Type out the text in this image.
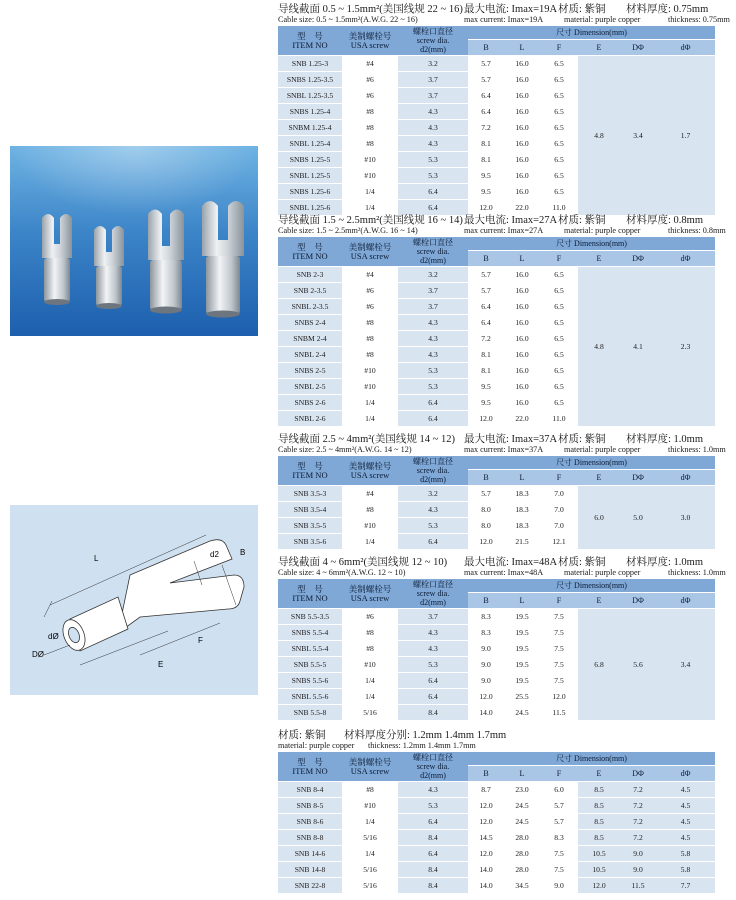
L	d2	B
dØ
DØ
F
E
导线截面 0.5 ~ 1.5mm²(美国线规 22 ~ 16)最大电流: Imax=19A材质: 紫铜 材料厚度: 0.75mm
Cable size: 0.5 ~ 1.5mm²(A.W.G. 22 ~ 16)	max current: Imax=19A	material: purple copper	thickness: 0.75mm
型　号
ITEM NO	美制螺栓号
USA screw	螺栓口直径
screw dia.
d2(mm)	尺寸 Dimension(mm)					
			B	L	F	E	DΦ	dΦ
SNB 1.25-3	#4	3.2	5.7	16.0	6.5	4.8	3.4	1.7
SNBS 1.25-3.5	#6	3.7	5.7	16.0	6.5			
SNBL 1.25-3.5	#6	3.7	6.4	16.0	6.5			
SNBS 1.25-4	#8	4.3	6.4	16.0	6.5			
SNBM 1.25-4	#8	4.3	7.2	16.0	6.5			
SNBL 1.25-4	#8	4.3	8.1	16.0	6.5			
SNBS 1.25-5	#10	5.3	8.1	16.0	6.5			
SNBL 1.25-5	#10	5.3	9.5	16.0	6.5			
SNBS 1.25-6	1/4	6.4	9.5	16.0	6.5			
SNBL 1.25-6	1/4	6.4	12.0	22.0	11.0			
导线截面 1.5 ~ 2.5mm²(美国线规 16 ~ 14)最大电流: Imax=27A材质: 紫铜 材料厚度: 0.8mm
Cable size: 1.5 ~ 2.5mm²(A.W.G. 16 ~ 14)	max current: Imax=27A	material: purple copper	thickness: 0.8mm
型　号
ITEM NO	美制螺栓号
USA screw	螺栓口直径
screw dia.
d2(mm)	尺寸 Dimension(mm)					
			B	L	F	E	DΦ	dΦ
SNB 2-3	#4	3.2	5.7	16.0	6.5	4.8	4.1	2.3
SNB 2-3.5	#6	3.7	5.7	16.0	6.5			
SNBL 2-3.5	#6	3.7	6.4	16.0	6.5			
SNBS 2-4	#8	4.3	6.4	16.0	6.5			
SNBM 2-4	#8	4.3	7.2	16.0	6.5			
SNBL 2-4	#8	4.3	8.1	16.0	6.5			
SNBS 2-5	#10	5.3	8.1	16.0	6.5			
SNBL 2-5	#10	5.3	9.5	16.0	6.5			
SNBS 2-6	1/4	6.4	9.5	16.0	6.5			
SNBL 2-6	1/4	6.4	12.0	22.0	11.0			
导线截面 2.5 ~ 4mm²(美国线规 14 ~ 12) 最大电流: Imax=37A材质: 紫铜 材料厚度: 1.0mm
Cable size: 2.5 ~ 4mm²(A.W.G. 14 ~ 12)	max current: Imax=37A	material: purple copper	thickness: 1.0mm
型　号
ITEM NO	美制螺栓号
USA screw	螺栓口直径
screw dia.
d2(mm)	尺寸 Dimension(mm)					
			B	L	F	E	DΦ	dΦ
SNB 3.5-3	#4	3.2	5.7	18.3	7.0	6.0	5.0	3.0
SNB 3.5-4	#8	4.3	8.0	18.3	7.0			
SNB 3.5-5	#10	5.3	8.0	18.3	7.0			
SNB 3.5-6	1/4	6.4	12.0	21.5	12.1			
导线截面 4 ~ 6mm²(美国线规 12 ~ 10) 最大电流: Imax=48A材质: 紫铜 材料厚度: 1.0mm
Cable size: 4 ~ 6mm²(A.W.G. 12 ~ 10)	max current: Imax=48A	material: purple copper	thickness: 1.0mm
型　号
ITEM NO	美制螺栓号
USA screw	螺栓口直径
screw dia.
d2(mm)	尺寸 Dimension(mm)					
			B	L	F	E	DΦ	dΦ
SNB 5.5-3.5	#6	3.7	8.3	19.5	7.5	6.8	5.6	3.4
SNBS 5.5-4	#8	4.3	8.3	19.5	7.5			
SNBL 5.5-4	#8	4.3	9.0	19.5	7.5			
SNB 5.5-5	#10	5.3	9.0	19.5	7.5			
SNBS 5.5-6	1/4	6.4	9.0	19.5	7.5			
SNBL 5.5-6	1/4	6.4	12.0	25.5	12.0			
SNB 5.5-8	5/16	8.4	14.0	24.5	11.5			
材质: 紫铜 材料厚度分别: 1.2mm 1.4mm 1.7mm
material: purple copper thickness: 1.2mm 1.4mm 1.7mm
型　号
ITEM NO	美制螺栓号
USA screw	螺栓口直径
screw dia.
d2(mm)	尺寸 Dimension(mm)					
			B	L	F	E	DΦ	dΦ
SNB 8-4	#8	4.3	8.7	23.0	6.0	8.5	7.2	4.5
SNB 8-5	#10	5.3	12.0	24.5	5.7	8.5	7.2	4.5
SNB 8-6	1/4	6.4	12.0	24.5	5.7	8.5	7.2	4.5
SNB 8-8	5/16	8.4	14.5	28.0	8.3	8.5	7.2	4.5
SNB 14-6	1/4	6.4	12.0	28.0	7.5	10.5	9.0	5.8
SNB 14-8	5/16	8.4	14.0	28.0	7.5	10.5	9.0	5.8
SNB 22-8	5/16	8.4	14.0	34.5	9.0	12.0	11.5	7.7
